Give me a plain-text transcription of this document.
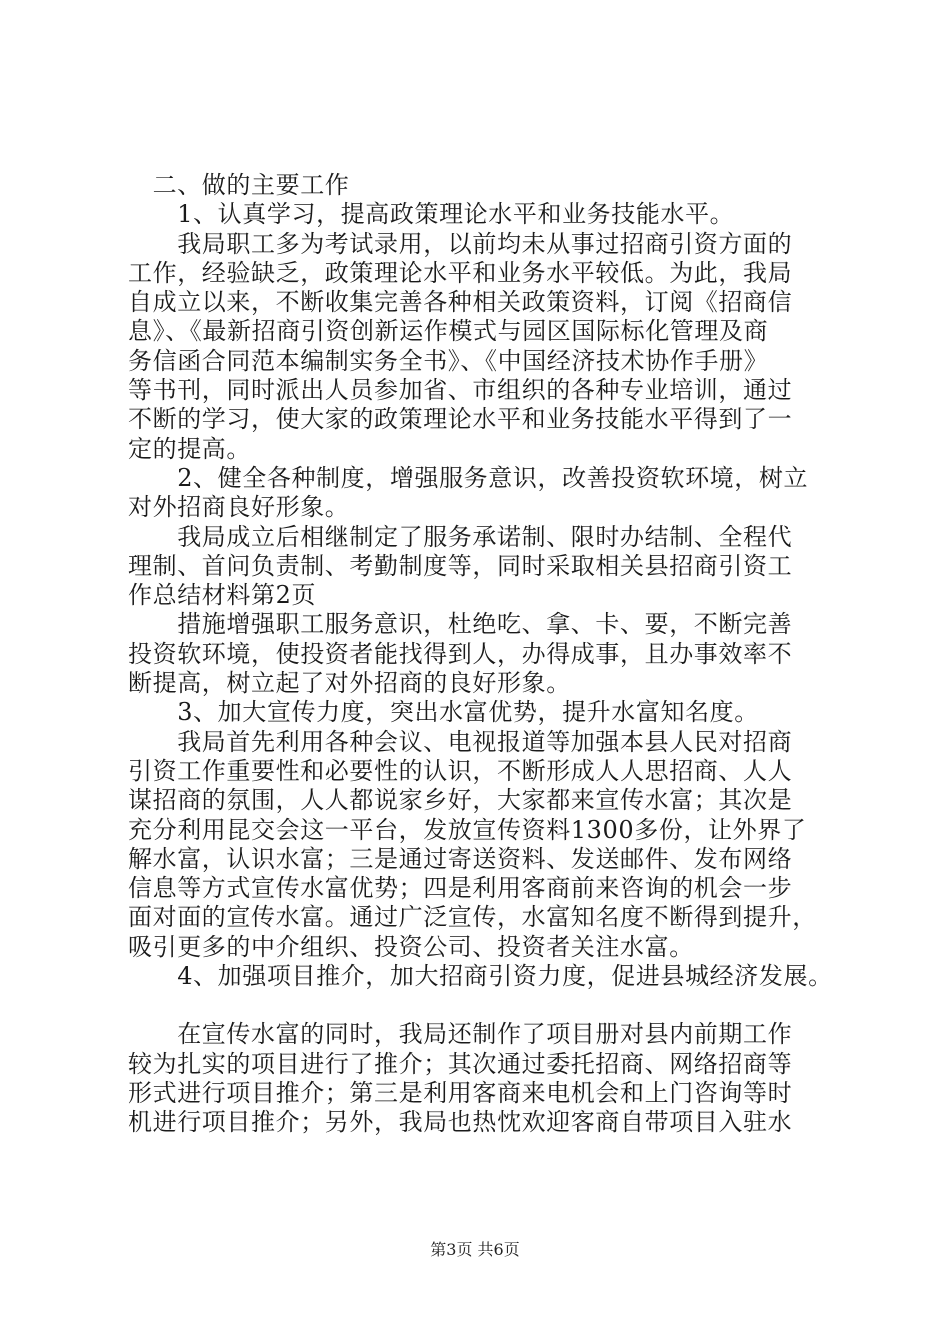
　二、做的主要工作
　　1、认真学习，提高政策理论水平和业务技能水平。
　　我局职工多为考试录用，以前均未从事过招商引资方面的
工作，经验缺乏，政策理论水平和业务水平较低。为此，我局
自成立以来，不断收集完善各种相关政策资料，订阅《招商信
息》、《最新招商引资创新运作模式与园区国际标化管理及商
务信函合同范本编制实务全书》、《中国经济技术协作手册》
等书刊，同时派出人员参加省、市组织的各种专业培训，通过
不断的学习，使大家的政策理论水平和业务技能水平得到了一
定的提高。
　　2、健全各种制度，增强服务意识，改善投资软环境，树立
对外招商良好形象。
　　我局成立后相继制定了服务承诺制、限时办结制、全程代
理制、首问负责制、考勤制度等，同时采取相关县招商引资工
作总结材料第2页
　　措施增强职工服务意识，杜绝吃、拿、卡、要，不断完善
投资软环境，使投资者能找得到人，办得成事，且办事效率不
断提高，树立起了对外招商的良好形象。
　　3、加大宣传力度，突出水富优势，提升水富知名度。
　　我局首先利用各种会议、电视报道等加强本县人民对招商
引资工作重要性和必要性的认识，不断形成人人思招商、人人
谋招商的氛围，人人都说家乡好，大家都来宣传水富；其次是
充分利用昆交会这一平台，发放宣传资料1300多份，让外界了
解水富，认识水富；三是通过寄送资料、发送邮件、发布网络
信息等方式宣传水富优势；四是利用客商前来咨询的机会一步
面对面的宣传水富。通过广泛宣传，水富知名度不断得到提升，
吸引更多的中介组织、投资公司、投资者关注水富。
　　4、加强项目推介，加大招商引资力度，促进县城经济发展。
　　在宣传水富的同时，我局还制作了项目册对县内前期工作
较为扎实的项目进行了推介；其次通过委托招商、网络招商等
形式进行项目推介；第三是利用客商来电机会和上门咨询等时
机进行项目推介；另外，我局也热忱欢迎客商自带项目入驻水
第3页 共6页
